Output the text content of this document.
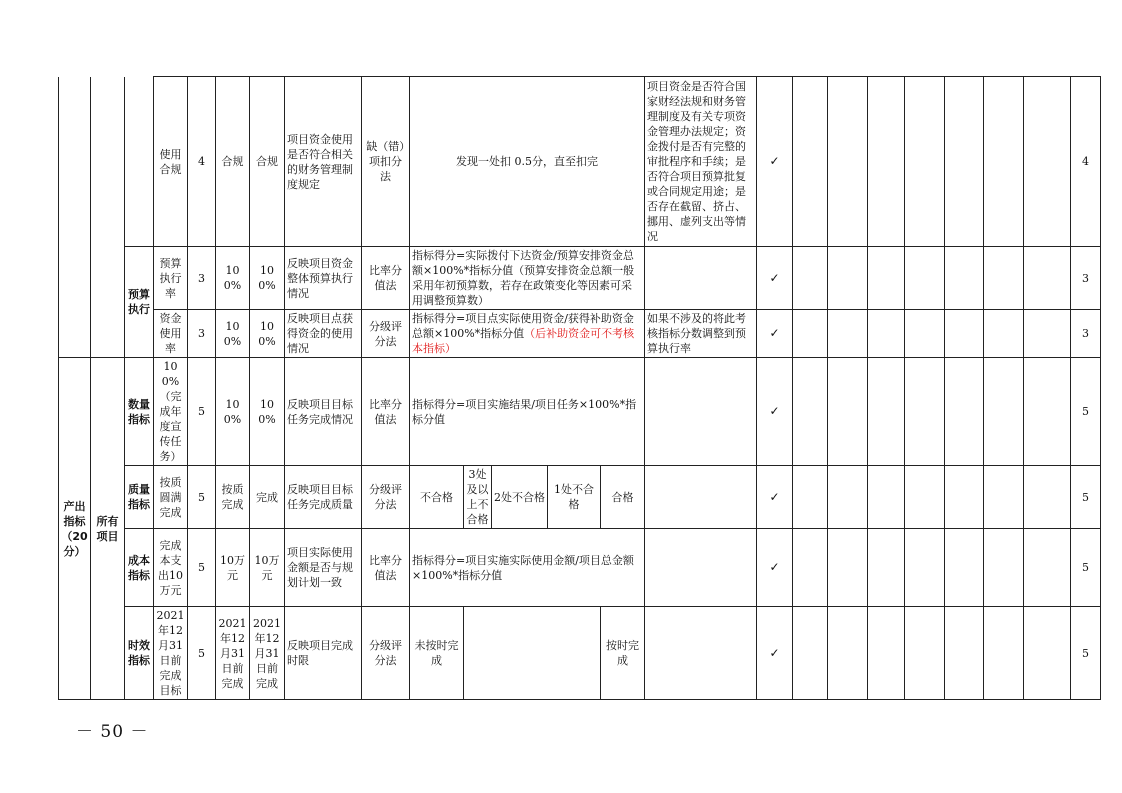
			使用合规	4	合规	合规	项目资金使用是否符合相关的财务管理制度规定	缺（错）项扣分法	发现一处扣 0.5分，直至扣完					项目资金是否符合国家财经法规和财务管理制度及有关专项资金管理办法规定；资金拨付是否有完整的审批程序和手续；是否符合项目预算批复或合同规定用途；是否存在截留、挤占、挪用、虚列支出等情况	✓								4
		预算执行	预算执行率	3	100%	100%	反映项目资金整体预算执行情况	比率分值法	指标得分=实际拨付下达资金/预算安排资金总额×100%*指标分值（预算安排资金总额一般采用年初预算数，若存在政策变化等因素可采用调整预算数）						✓								3
			资金使用率	3	100%	100%	反映项目点获得资金的使用情况	分级评分法	指标得分=项目点实际使用资金/获得补助资金总额×100%*指标分值（后补助资金可不考核本指标）					如果不涉及的将此考核指标分数调整到预算执行率	✓								3
产出指标（20分）	所有项目	数量指标	100%（完成年度宣传任务）	5	100%	100%	反映项目目标任务完成情况	比率分值法	指标得分=项目实施结果/项目任务×100%*指标分值						✓								5
		质量指标	按质圆满完成	5	按质完成	完成	反映项目目标任务完成质量	分级评分法	不合格	3处及以上不合格	2处不合格	1处不合格	合格		✓								5
		成本指标	完成本支出10万元	5	10万元	10万元	项目实际使用金额是否与规划计划一致	比率分值法	指标得分=项目实施实际使用金额/项目总金额×100%*指标分值						✓								5
		时效指标	2021年12月31日前完成目标	5	2021年12月31日前完成	2021年12月31日前完成	反映项目完成时限	分级评分法	未按时完成				按时完成		✓								5
－ 50 －
